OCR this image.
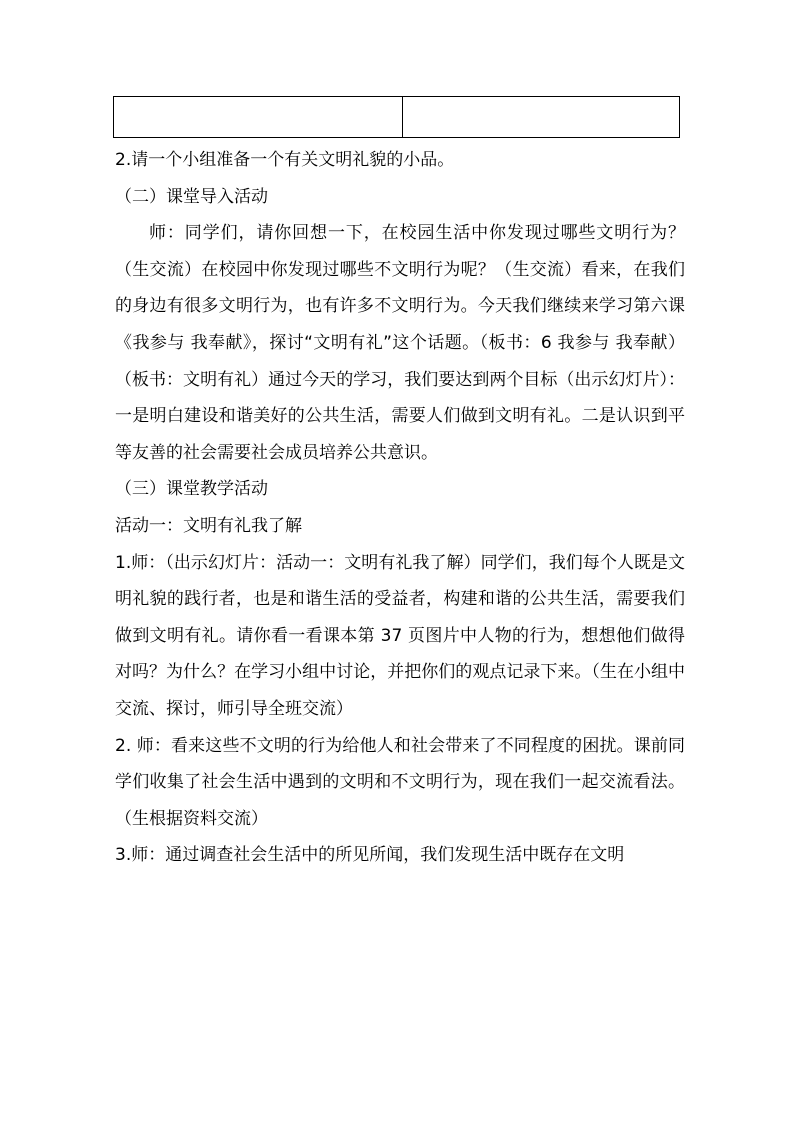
2.请一个小组准备一个有关文明礼貌的小品。

（二）课堂导入活动

师：同学们，请你回想一下，在校园生活中你发现过哪些文明行为？（生交流）在校园中你发现过哪些不文明行为呢？（生交流）看来，在我们的身边有很多文明行为，也有许多不文明行为。今天我们继续来学习第六课《我参与 我奉献》，探讨“文明有礼”这个话题。（板书：6 我参与 我奉献）（板书：文明有礼）通过今天的学习，我们要达到两个目标（出示幻灯片）：一是明白建设和谐美好的公共生活，需要人们做到文明有礼。二是认识到平等友善的社会需要社会成员培养公共意识。

（三）课堂教学活动

活动一：文明有礼我了解

1.师：（出示幻灯片：活动一：文明有礼我了解）同学们，我们每个人既是文明礼貌的践行者，也是和谐生活的受益者，构建和谐的公共生活，需要我们做到文明有礼。请你看一看课本第 37 页图片中人物的行为，想想他们做得对吗？为什么？在学习小组中讨论，并把你们的观点记录下来。（生在小组中交流、探讨，师引导全班交流）

2. 师：看来这些不文明的行为给他人和社会带来了不同程度的困扰。课前同学们收集了社会生活中遇到的文明和不文明行为，现在我们一起交流看法。（生根据资料交流）

3.师：通过调查社会生活中的所见所闻，我们发现生活中既存在文明
